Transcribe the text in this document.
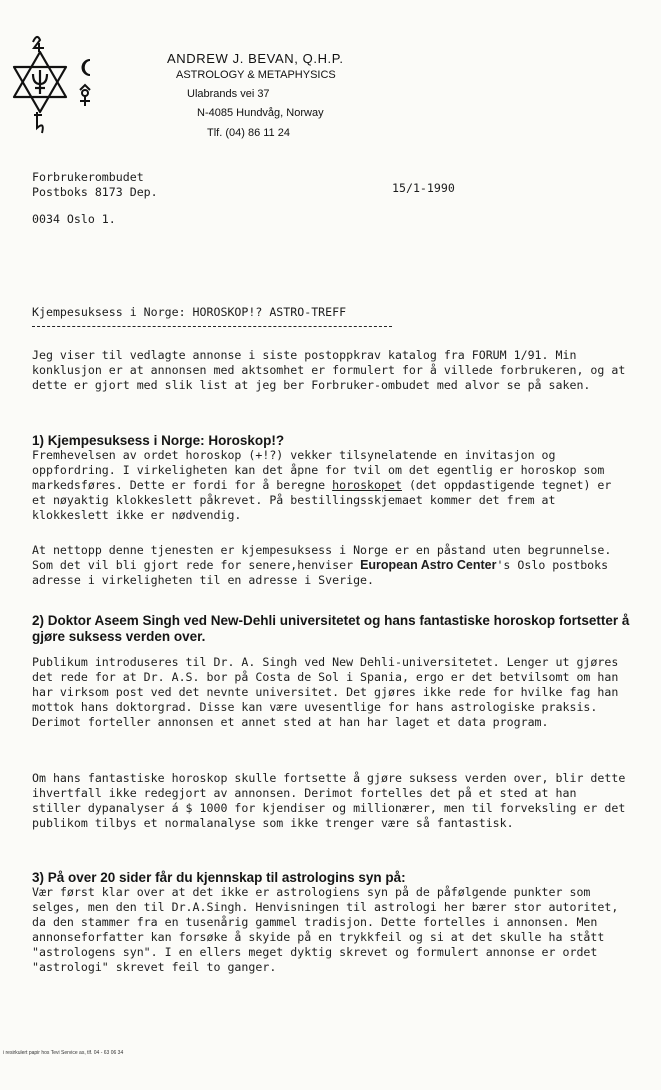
ANDREW J. BEVAN, Q.H.P.
ASTROLOGY & METAPHYSICS
Ulabrands vei 37
N-4085 Hundvåg, Norway
Tlf. (04) 86 11 24
Forbrukerombudet
Postboks 8173 Dep.
0034 Oslo 1.
15/1-1990
Kjempesuksess i Norge: HOROSKOP!? ASTRO-TREFF
Jeg viser til vedlagte annonse i siste postoppkrav katalog fra FORUM 1/91. Min konklusjon er at annonsen med aktsomhet er formulert for å villede forbrukeren, og at dette er gjort med slik list at jeg ber Forbruker-ombudet med alvor se på saken.
1) Kjempesuksess i Norge: Horoskop!?
Fremhevelsen av ordet horoskop (+!?) vekker tilsynelatende en invitasjon og oppfordring. I virkeligheten kan det åpne for tvil om det egentlig er horoskop som markedsføres. Dette er fordi for å beregne horoskopet (det oppdastigende tegnet) er et nøyaktig klokkeslett påkrevet. På bestillingsskjemaet kommer det frem at klokkeslett ikke er nødvendig.
At nettopp denne tjenesten er kjempesuksess i Norge er en påstand uten begrunnelse. Som det vil bli gjort rede for senere,henviser European Astro Center's Oslo postboks adresse i virkeligheten til en adresse i Sverige.
2) Doktor Aseem Singh ved New-Dehli universitetet og hans fantastiske horoskop fortsetter å gjøre suksess verden over.
Publikum introduseres til Dr. A. Singh ved New Dehli-universitetet. Lenger ut gjøres det rede for at Dr. A.S. bor på Costa de Sol i Spania, ergo er det betvilsomt om han har virksom post ved det nevnte universitet. Det gjøres ikke rede for hvilke fag han mottok hans doktorgrad. Disse kan være uvesentlige for hans astrologiske praksis. Derimot forteller annonsen et annet sted at han har laget et data program.
Om hans fantastiske horoskop skulle fortsette å gjøre suksess verden over, blir dette ihvertfall ikke redegjort av annonsen. Derimot fortelles det på et sted at han stiller dypanalyser á $ 1000 for kjendiser og millionærer, men til forveksling er det publikom tilbys et normalanalyse som ikke trenger være så fantastisk.
3) På over 20 sider får du kjennskap til astrologins syn på:
Vær først klar over at det ikke er astrologiens syn på de påfølgende punkter som selges, men den til Dr.A.Singh. Henvisningen til astrologi her bærer stor autoritet, da den stammer fra en tusenårig gammel tradisjon. Dette fortelles i annonsen. Men annonseforfatter kan forsøke å skyide på en trykkfeil og si at det skulle ha stått "astrologens syn". I en ellers meget dyktig skrevet og formulert annonse er ordet "astrologi" skrevet feil to ganger.
i resirkulert papir hos Tevi Service as, tlf. 04 - 63 06 34
